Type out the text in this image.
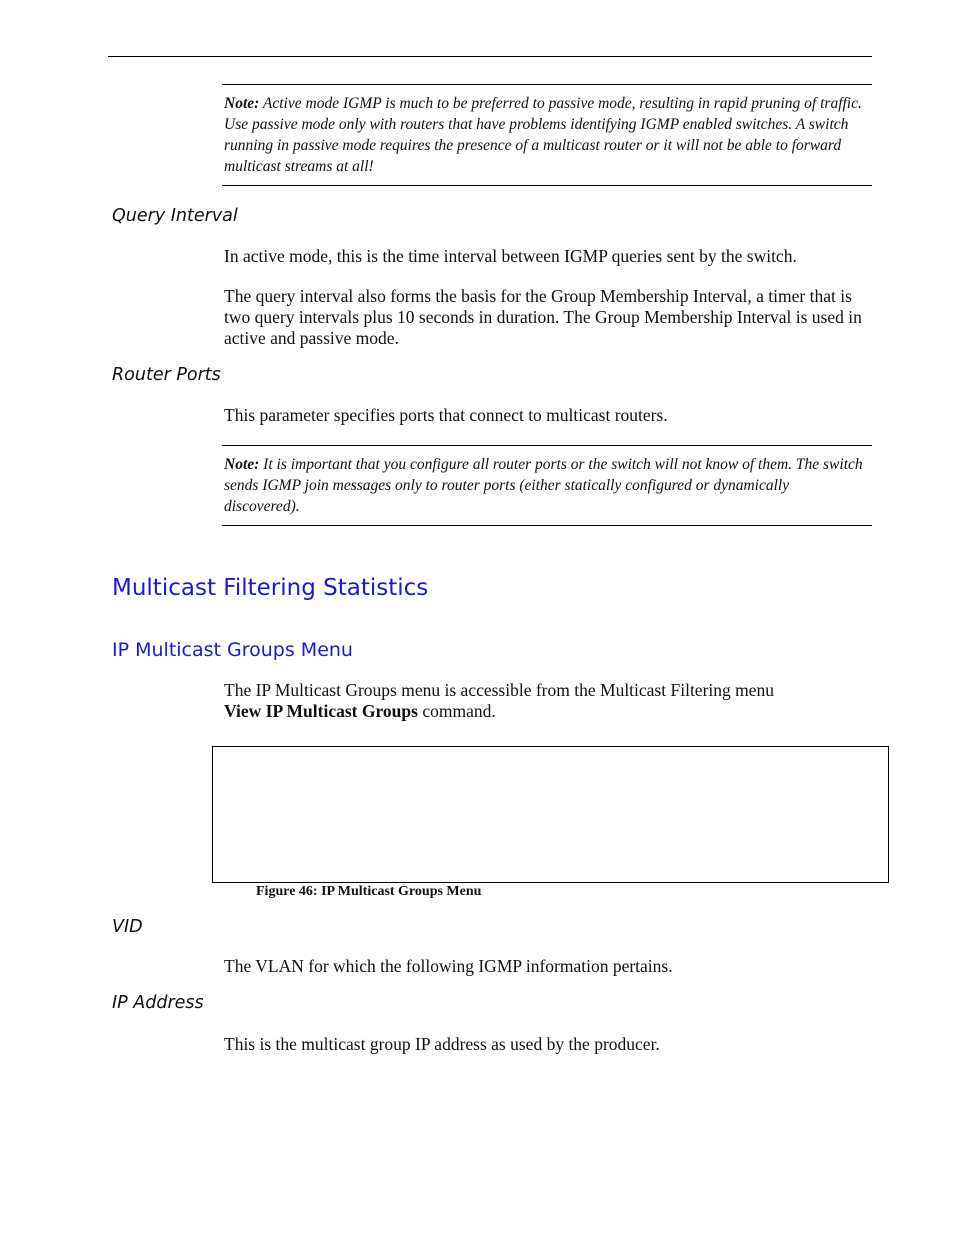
Note: Active mode IGMP is much to be preferred to passive mode, resulting in rapid pruning of traffic. Use passive mode only with routers that have problems identifying IGMP enabled switches. A switch running in passive mode requires the presence of a multicast router or it will not be able to forward multicast streams at all!
Query Interval

In active mode, this is the time interval between IGMP queries sent by the switch.

The query interval also forms the basis for the Group Membership Interval, a timer that is two query intervals plus 10 seconds in duration. The Group Membership Interval is used in active and passive mode.

Router Ports

This parameter specifies ports that connect to multicast routers.

Note: It is important that you configure all router ports or the switch will not know of them. The switch sends IGMP join messages only to router ports (either statically configured or dynamically discovered).
Multicast Filtering Statistics
IP Multicast Groups Menu

The IP Multicast Groups menu is accessible from the Multicast Filtering menu
View IP Multicast Groups command.

Figure 46: IP Multicast Groups Menu
VID

The VLAN for which the following IGMP information pertains.

IP Address

This is the multicast group IP address as used by the producer.
